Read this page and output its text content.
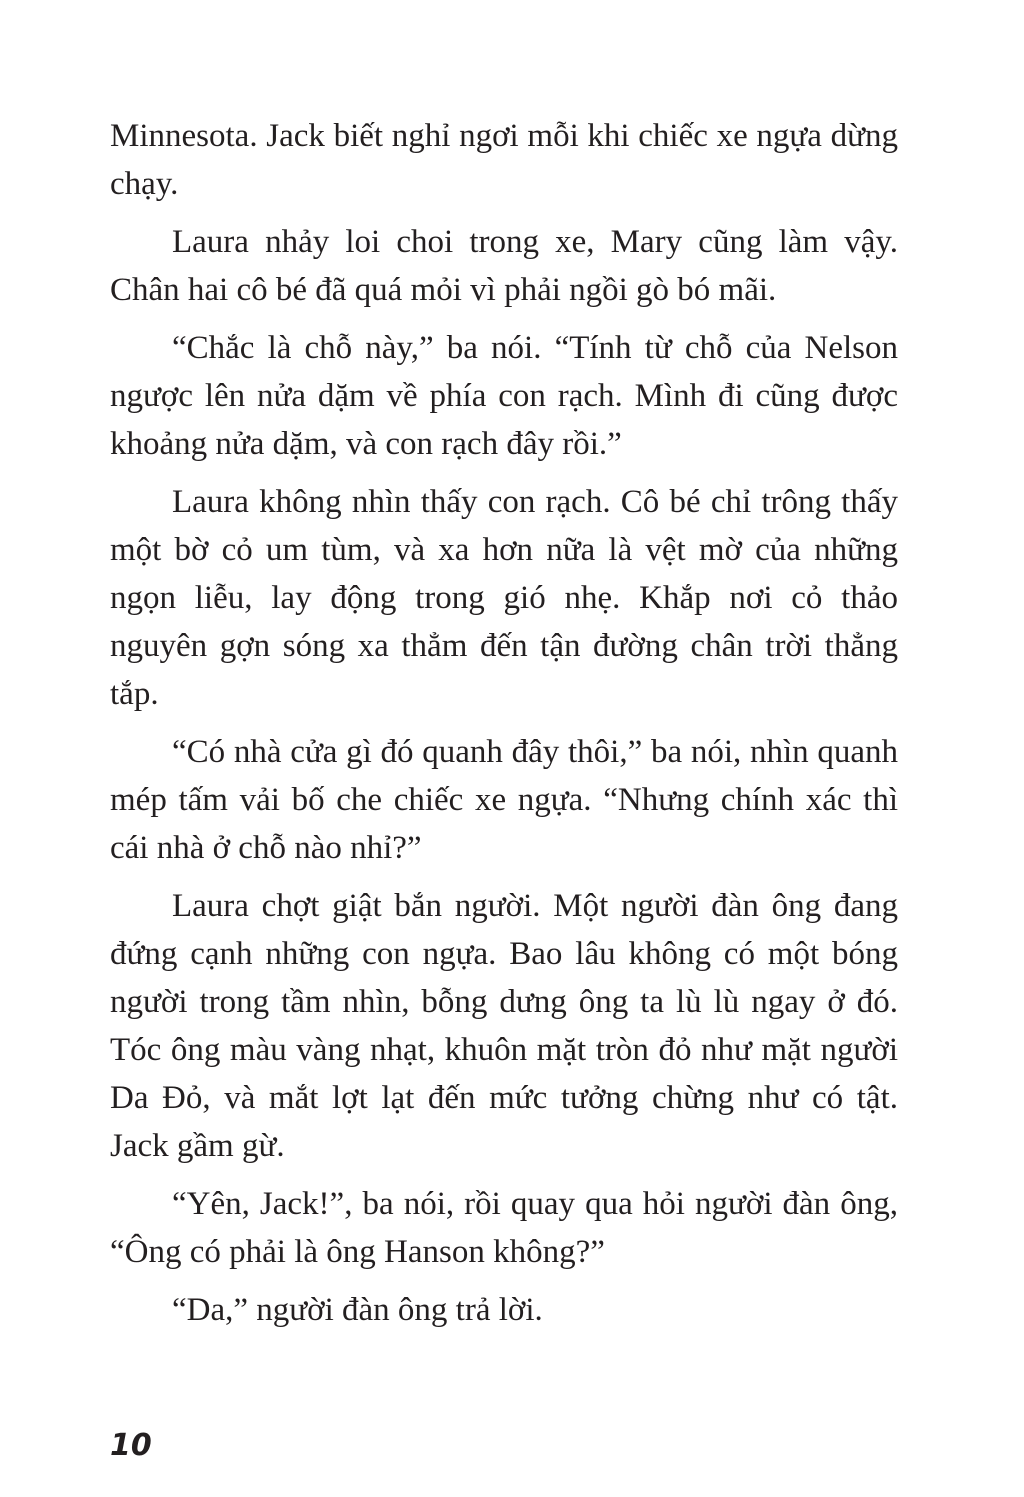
Minnesota. Jack biết nghỉ ngơi mỗi khi chiếc xe ngựa dừng chạy.

Laura nhảy loi choi trong xe, Mary cũng làm vậy. Chân hai cô bé đã quá mỏi vì phải ngồi gò bó mãi.

“Chắc là chỗ này,” ba nói. “Tính từ chỗ của Nelson ngược lên nửa dặm về phía con rạch. Mình đi cũng được khoảng nửa dặm, và con rạch đây rồi.”

Laura không nhìn thấy con rạch. Cô bé chỉ trông thấy một bờ cỏ um tùm, và xa hơn nữa là vệt mờ của những ngọn liễu, lay động trong gió nhẹ. Khắp nơi cỏ thảo nguyên gợn sóng xa thẳm đến tận đường chân trời thẳng tắp.

“Có nhà cửa gì đó quanh đây thôi,” ba nói, nhìn quanh mép tấm vải bố che chiếc xe ngựa. “Nhưng chính xác thì cái nhà ở chỗ nào nhỉ?”

Laura chợt giật bắn người. Một người đàn ông đang đứng cạnh những con ngựa. Bao lâu không có một bóng người trong tầm nhìn, bỗng dưng ông ta lù lù ngay ở đó. Tóc ông màu vàng nhạt, khuôn mặt tròn đỏ như mặt người Da Đỏ, và mắt lợt lạt đến mức tưởng chừng như có tật. Jack gầm gừ.

“Yên, Jack!”, ba nói, rồi quay qua hỏi người đàn ông, “Ông có phải là ông Hanson không?”

“Da,” người đàn ông trả lời.

10
